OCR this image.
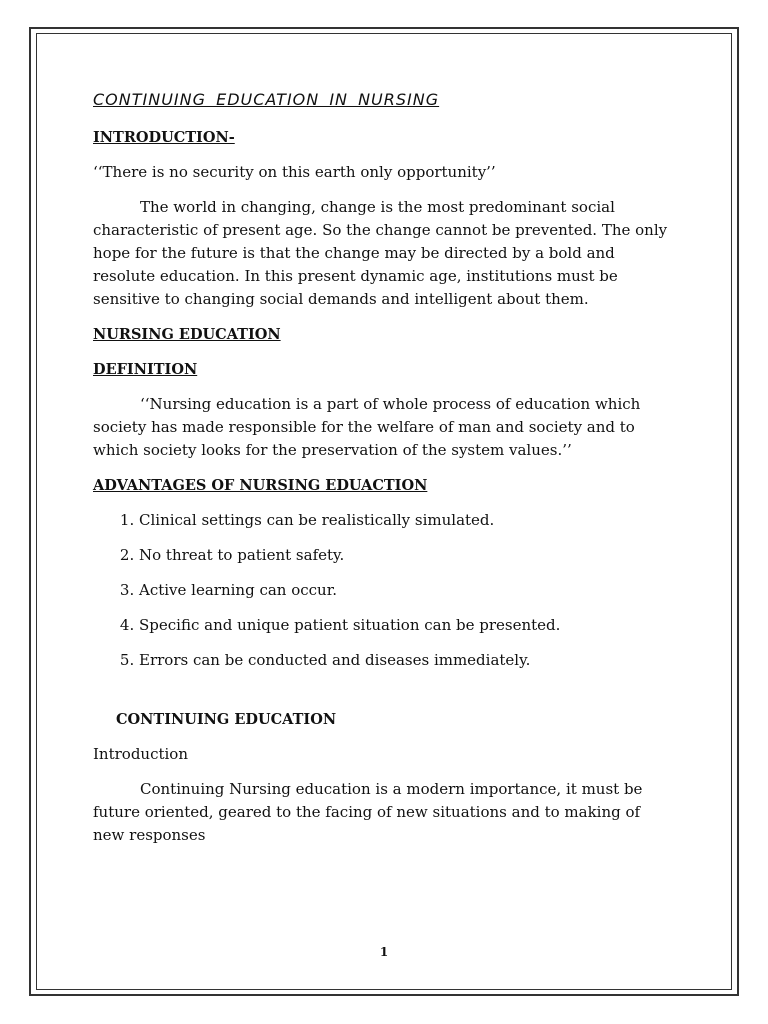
CONTINUING EDUCATION IN NURSING
INTRODUCTION-

‘‘There is no security on this earth only opportunity’’

The world in changing, change is the most predominant social characteristic of present age. So the change cannot be prevented. The only hope for the future is that the change may be directed by a bold and resolute education. In this present dynamic age, institutions must be sensitive to changing social demands and intelligent about them.

NURSING EDUCATION
DEFINITION

‘‘Nursing education is a part of whole process of education which society has made responsible for the welfare of man and society and to which society looks for the preservation of the system values.’’

ADVANTAGES OF NURSING EDUACTION
1. Clinical settings can be realistically simulated.
2. No threat to patient safety.
3. Active learning can occur.
4. Specific and unique patient situation can be presented.
5. Errors can be conducted and diseases immediately.
CONTINUING EDUCATION

Introduction

Continuing Nursing education is a modern importance, it must be future oriented, geared to the facing of new situations and to making of new responses

1
